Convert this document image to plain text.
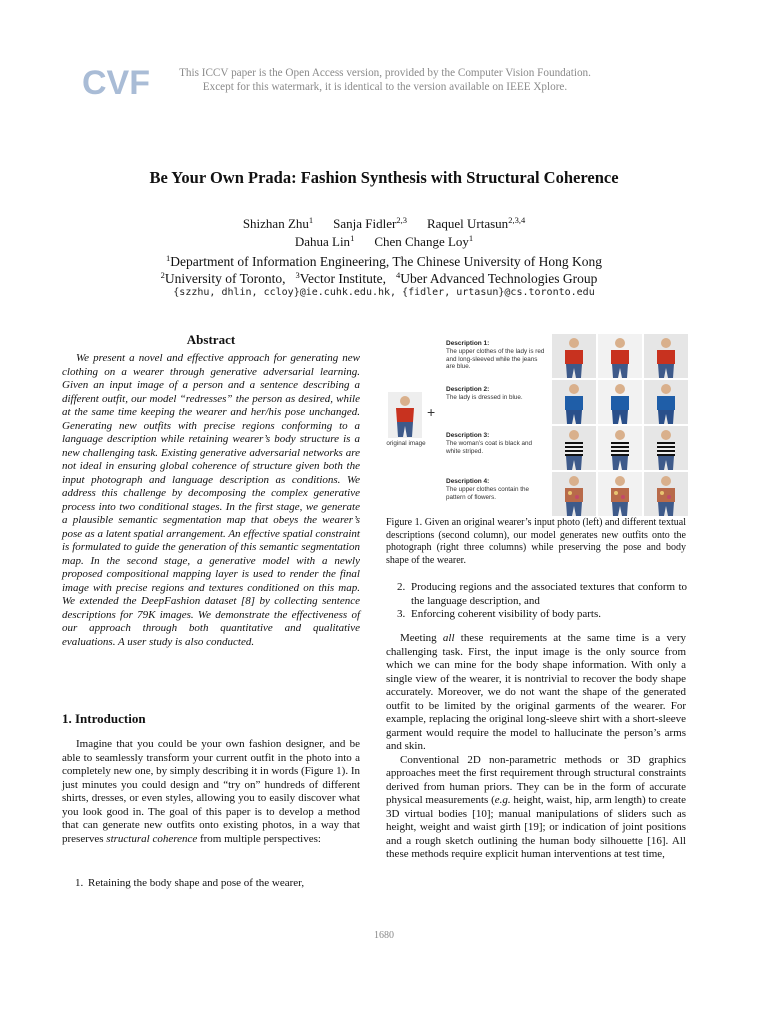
CVF	This ICCV paper is the Open Access version, provided by the Computer Vision Foundation.
Except for this watermark, it is identical to the version available on IEEE Xplore.
Be Your Own Prada: Fashion Synthesis with Structural Coherence
Shizhan Zhu$^1$ Sanja Fidler$^{2,3}$ Raquel Urtasun$^{2,3,4}$
Dahua Lin$^1$ Chen Change Loy$^1$
$^1$Department of Information Engineering, The Chinese University of Hong Kong
$^2$University of Toronto, $^3$Vector Institute, $^4$Uber Advanced Technologies Group
{szzhu, dhlin, ccloy}@ie.cuhk.edu.hk, {fidler, urtasun}@cs.toronto.edu
Abstract
We present a novel and effective approach for generating new clothing on a wearer through generative adversarial learning. Given an input image of a person and a sentence describing a different outfit, our model “redresses” the person as desired, while at the same time keeping the wearer and her/his pose unchanged. Generating new outfits with precise regions conforming to a language description while retaining wearer’s body structure is a new challenging task. Existing generative adversarial networks are not ideal in ensuring global coherence of structure given both the input photograph and language description as conditions. We address this challenge by decomposing the complex generative process into two conditional stages. In the first stage, we generate a plausible semantic segmentation map that obeys the wearer’s pose as a latent spatial arrangement. An effective spatial constraint is formulated to guide the generation of this semantic segmentation map. In the second stage, a generative model with a newly proposed compositional mapping layer is used to render the final image with precise regions and textures conditioned on this map. We extended the DeepFashion dataset [8] by collecting sentence descriptions for 79K images. We demonstrate the effectiveness of our approach through both quantitative and qualitative evaluations. A user study is also conducted.
1. Introduction
Imagine that you could be your own fashion designer, and be able to seamlessly transform your current outfit in the photo into a completely new one, by simply describing it in words (Figure 1). In just minutes you could design and “try on” hundreds of different shirts, dresses, or even styles, allowing you to easily discover what you look good in. The goal of this paper is to develop a method that can generate new outfits onto existing photos, in a way that preserves structural coherence from multiple perspectives:
1. Retaining the body shape and pose of the wearer,
original image
+
Description 1:
The upper clothes of the lady is red and long-sleeved while the jeans are blue.
Description 2:
The lady is dressed in blue.
Description 3:
The woman’s coat is black and white striped.
Description 4:
The upper clothes contain the pattern of flowers.
Figure 1. Given an original wearer’s input photo (left) and different textual descriptions (second column), our model generates new outfits onto the photograph (right three columns) while preserving the pose and body shape of the wearer.
2. Producing regions and the associated textures that conform to the language description, and
3. Enforcing coherent visibility of body parts.
Meeting all these requirements at the same time is a very challenging task. First, the input image is the only source from which we can mine for the body shape information. With only a single view of the wearer, it is nontrivial to recover the body shape accurately. Moreover, we do not want the shape of the generated outfit to be limited by the original garments of the wearer. For example, replacing the original long-sleeve shirt with a short-sleeve garment would require the model to hallucinate the person’s arms and skin.
Conventional 2D non-parametric methods or 3D graphics approaches meet the first requirement through structural constraints derived from human priors. They can be in the form of accurate physical measurements (e.g. height, waist, hip, arm length) to create 3D virtual bodies [10]; manual manipulations of sliders such as height, weight and waist girth [19]; or indication of joint positions and a rough sketch outlining the human body silhouette [16]. All these methods require explicit human interventions at test time,
1680
